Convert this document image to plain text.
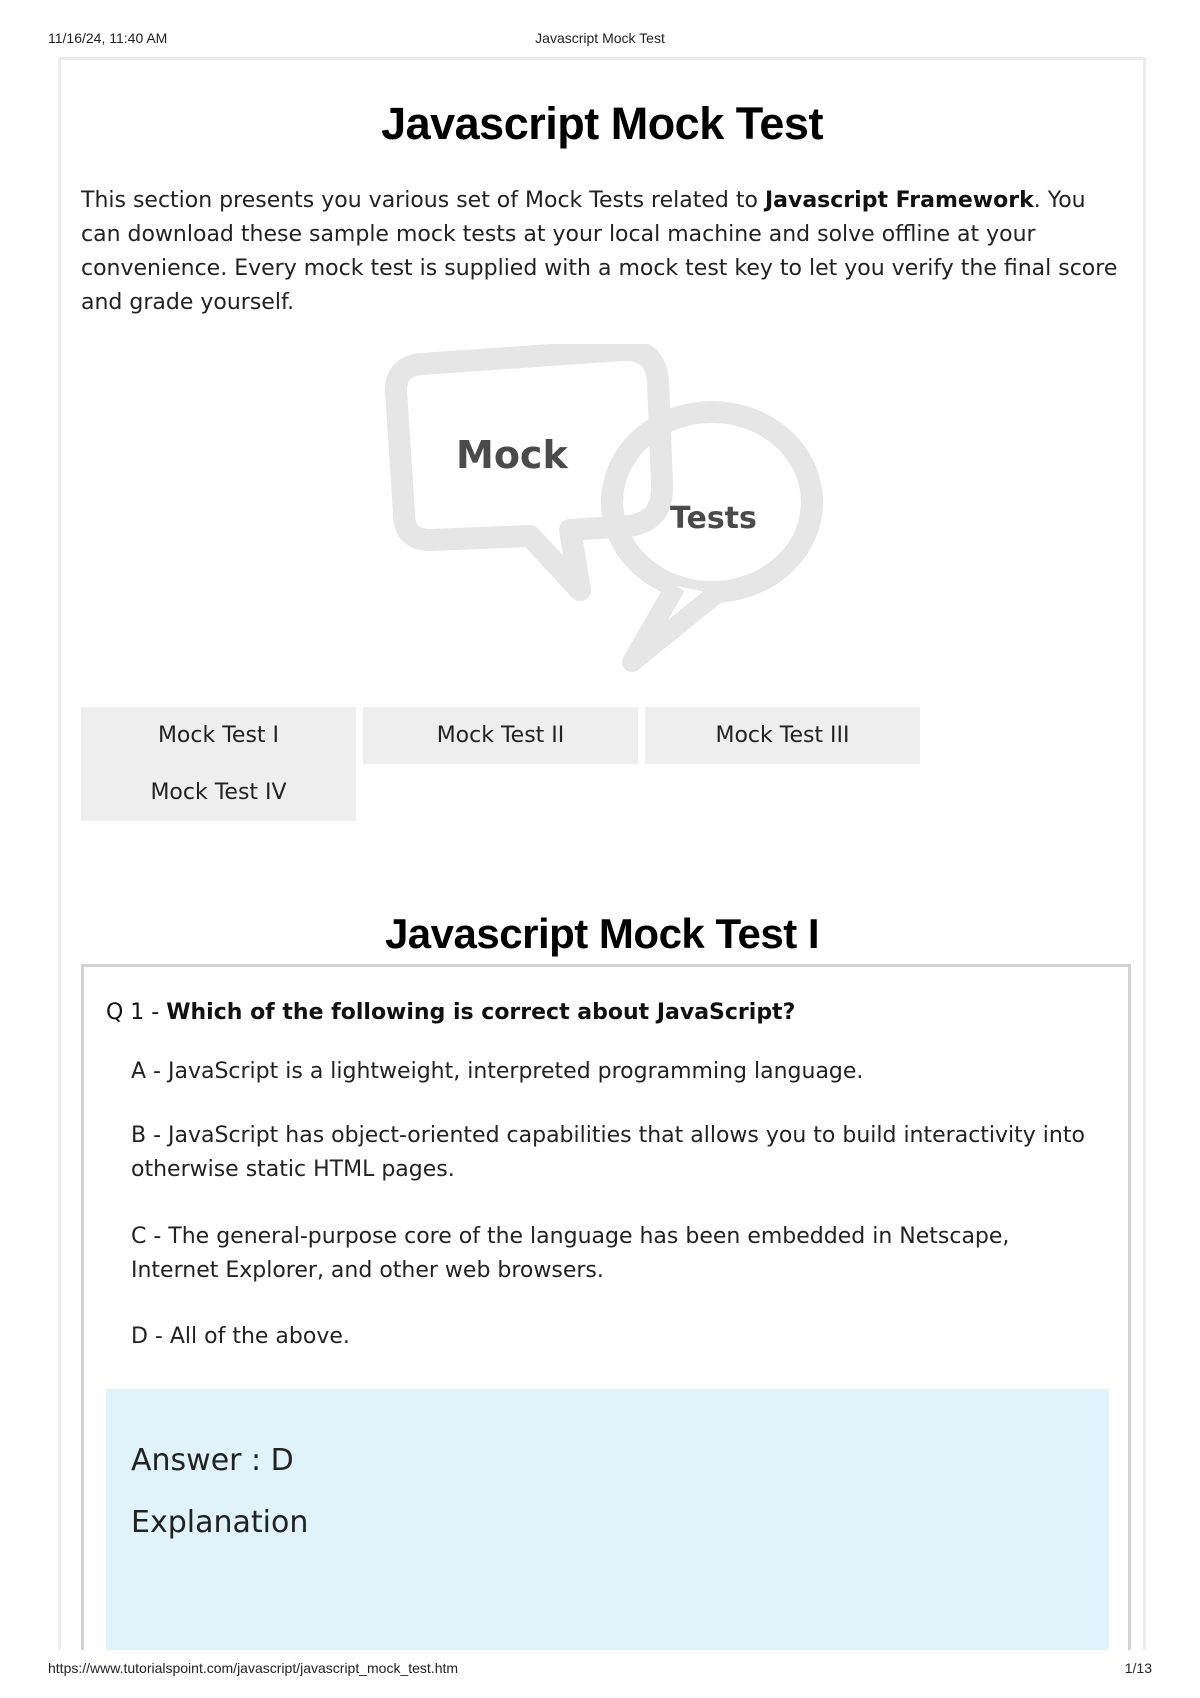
11/16/24, 11:40 AM	Javascript Mock Test
Javascript Mock Test

This section presents you various set of Mock Tests related to Javascript Framework. You can download these sample mock tests at your local machine and solve offline at your convenience. Every mock test is supplied with a mock test key to let you verify the final score and grade yourself.

Mock
Tests
Mock Test I	Mock Test II	Mock Test III
Mock Test IV
Javascript Mock Test I

Q 1 - Which of the following is correct about JavaScript?

A - JavaScript is a lightweight, interpreted programming language.

B - JavaScript has object-oriented capabilities that allows you to build interactivity into otherwise static HTML pages.

C - The general-purpose core of the language has been embedded in Netscape, Internet Explorer, and other web browsers.

D - All of the above.

Answer : D
Explanation
https://www.tutorialspoint.com/javascript/javascript_mock_test.htm	1/13
